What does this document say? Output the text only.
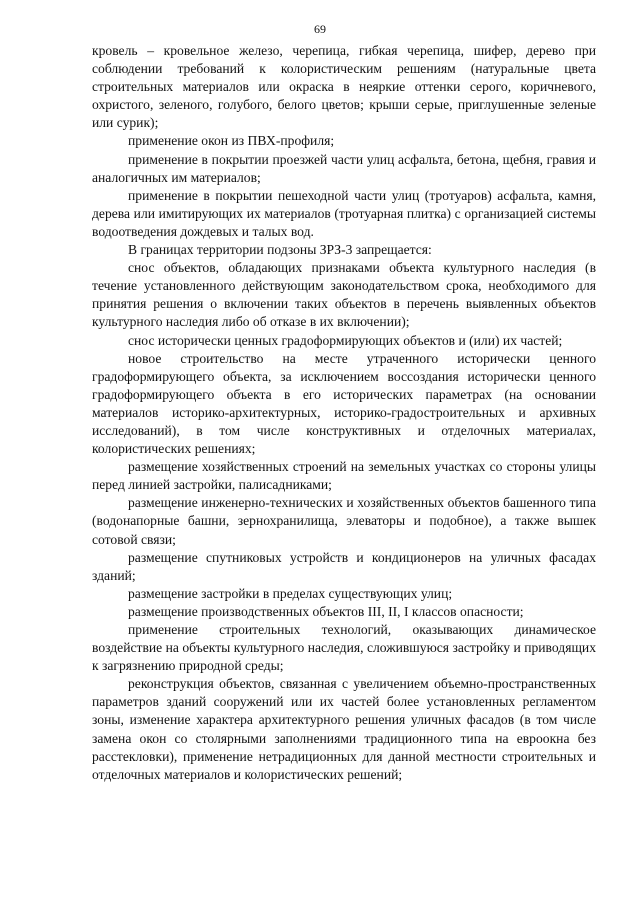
69

кровель – кровельное железо, черепица, гибкая черепица, шифер, дерево при соблюдении требований к колористическим решениям (натуральные цвета строительных материалов или окраска в неяркие оттенки серого, коричневого, охристого, зеленого, голубого, белого цветов; крыши серые, приглушенные зеленые или сурик);

применение окон из ПВХ-профиля;

применение в покрытии проезжей части улиц асфальта, бетона, щебня, гравия и аналогичных им материалов;

применение в покрытии пешеходной части улиц (тротуаров) асфальта, камня, дерева или имитирующих их материалов (тротуарная плитка) с организацией системы водоотведения дождевых и талых вод.

В границах территории подзоны ЗРЗ-3 запрещается:

снос объектов, обладающих признаками объекта культурного наследия (в течение установленного действующим законодательством срока, необходимого для принятия решения о включении таких объектов в перечень выявленных объектов культурного наследия либо об отказе в их включении);

снос исторически ценных градоформирующих объектов и (или) их частей;

новое строительство на месте утраченного исторически ценного градоформирующего объекта, за исключением воссоздания исторически ценного градоформирующего объекта в его исторических параметрах (на основании материалов историко-архитектурных, историко-градостроительных и архивных исследований), в том числе конструктивных и отделочных материалах, колористических решениях;

размещение хозяйственных строений на земельных участках со стороны улицы перед линией застройки, палисадниками;

размещение инженерно-технических и хозяйственных объектов башенного типа (водонапорные башни, зернохранилища, элеваторы и подобное), а также вышек сотовой связи;

размещение спутниковых устройств и кондиционеров на уличных фасадах зданий;

размещение застройки в пределах существующих улиц;

размещение производственных объектов III, II, I классов опасности;

применение строительных технологий, оказывающих динамическое воздействие на объекты культурного наследия, сложившуюся застройку и приводящих к загрязнению природной среды;

реконструкция объектов, связанная с увеличением объемно-пространственных параметров зданий сооружений или их частей более установленных регламентом зоны, изменение характера архитектурного решения уличных фасадов (в том числе замена окон со столярными заполнениями традиционного типа на евроокна без расстекловки), применение нетрадиционных для данной местности строительных и отделочных материалов и колористических решений;
